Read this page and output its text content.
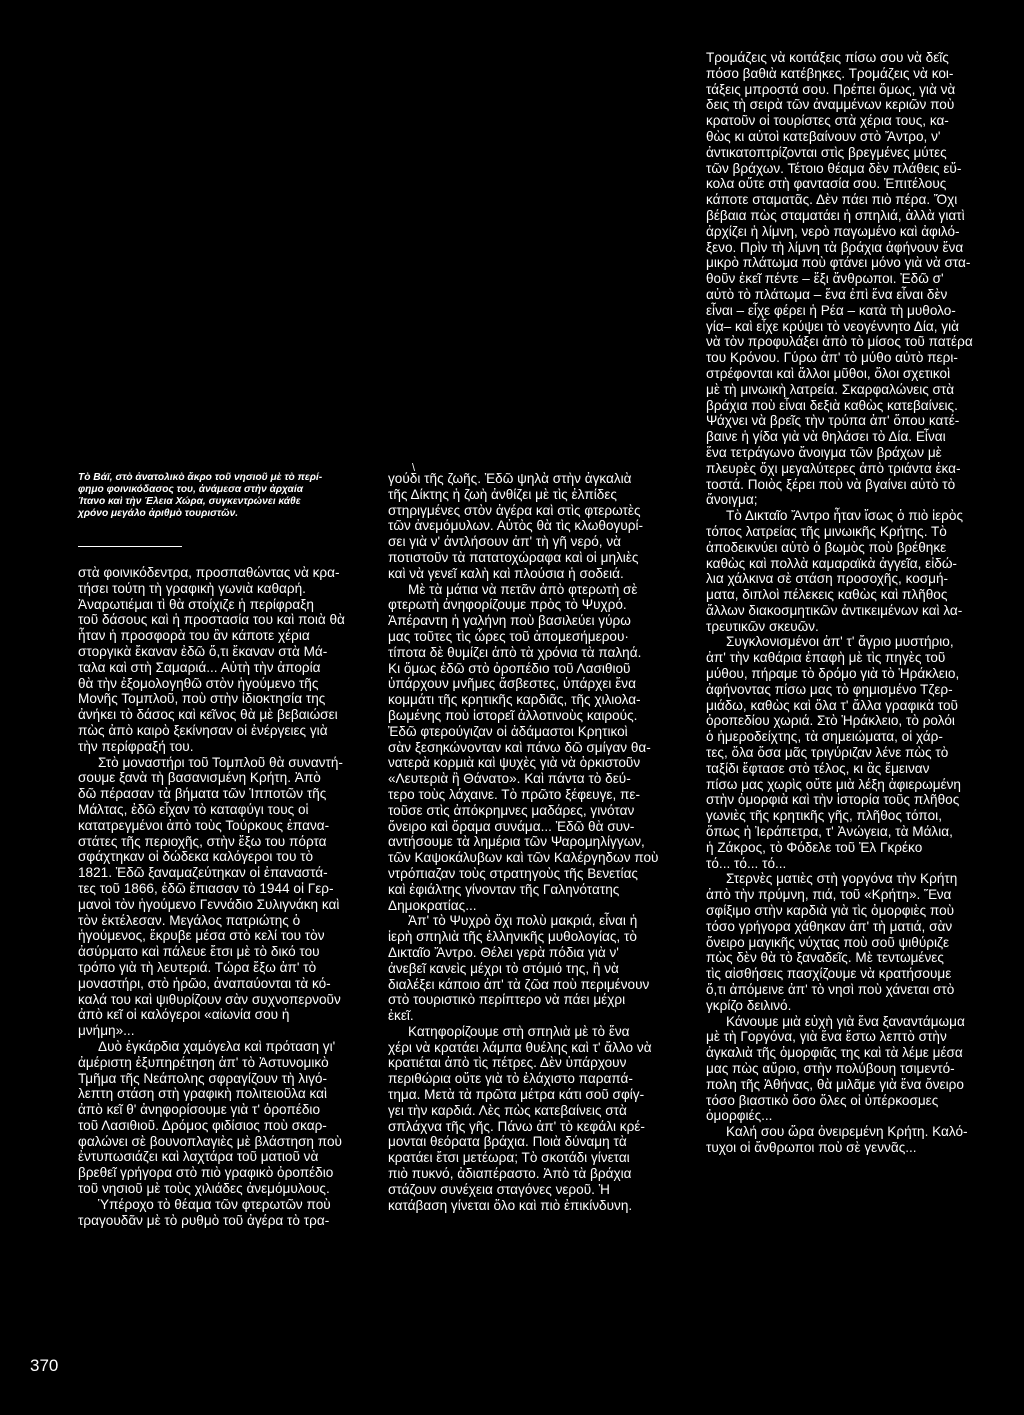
Τὸ Βάϊ, στὸ ἀνατολικὸ ἄκρο τοῦ νησιοῦ μὲ τὸ περί-
φημο φοινικόδασος του, ἀνάμεσα στὴν ἀρχαία
Ίτανο καὶ τὴν Έλεια Χώρα, συγκεντρώνει κάθε
χρόνο μεγάλο ἀριθμὸ τουριστῶν.

στὰ φοινικόδεντρα, προσπαθώντας νὰ κρα-
τήσει τούτη τὴ γραφικὴ γωνιὰ καθαρή.
Ἀναρωτιέμαι τὶ θὰ στοίχιζε ἡ περίφραξη
τοῦ δάσους καὶ ἡ προστασία του καὶ ποιὰ θὰ
ἦταν ἡ προσφορὰ του ἂν κάποτε χέρια
στοργικὰ ἔκαναν ἐδῶ ὅ,τι ἔκαναν στὰ Μά-
ταλα καὶ στὴ Σαμαριά... Αὐτὴ τὴν ἀπορία
θὰ τὴν ἐξομολογηθῶ στὸν ἡγούμενο τῆς
Μονῆς Τομπλοῦ, ποὺ στὴν ἰδιοκτησία της
ἀνήκει τὸ δάσος καὶ κεῖνος θὰ μὲ βεβαιώσει
πὼς ἀπὸ καιρὸ ξεκίνησαν οἱ ἐνέργειες γιὰ
τὴν περίφραξή του.

Στὸ μοναστήρι τοῦ Τομπλοῦ θὰ συναντή-
σουμε ξανὰ τὴ βασανισμένη Κρήτη. Ἀπὸ
δῶ πέρασαν τὰ βήματα τῶν Ἱπποτῶν τῆς
Μάλτας, ἐδῶ εἶχαν τὸ καταφύγι τους οἱ
κατατρεγμένοι ἀπὸ τοὺς Τούρκους ἐπανα-
στάτες τῆς περιοχῆς, στὴν ἔξω του πόρτα
σφάχτηκαν οἱ δώδεκα καλόγεροι του τὸ
1821. Ἐδῶ ξαναμαζεύτηκαν οἱ ἐπαναστά-
τες τοῦ 1866, ἐδῶ ἔπιασαν τὸ 1944 οἱ Γερ-
μανοὶ τὸν ἡγούμενο Γεννάδιο Συλιγνάκη καὶ
τὸν ἐκτέλεσαν. Μεγάλος πατριώτης ὁ
ἡγούμενος, ἔκρυβε μέσα στὸ κελί του τὸν
ἀσύρματο καὶ πάλευε ἔτσι μὲ τὸ δικό του
τρόπο γιὰ τὴ λευτεριά. Τώρα ἔξω ἀπ' τὸ
μοναστήρι, στὸ ἡρῶο, ἀναπαύονται τὰ κό-
καλά του καὶ ψιθυρίζουν σὰν συχνοπερνοῦν
ἀπὸ κεῖ οἱ καλόγεροι «αἰωνία σου ἡ
μνήμη»...

Δυὸ ἐγκάρδια χαμόγελα καὶ πρόταση γι'
ἀμέριστη ἐξυπηρέτηση ἀπ' τὸ Ἀστυνομικὸ
Τμῆμα τῆς Νεάπολης σφραγίζουν τὴ λιγό-
λεπτη στάση στὴ γραφικὴ πολιτειοῦλα καὶ
ἀπὸ κεῖ θ' ἀνηφορίσουμε γιὰ τ' ὀροπέδιο
τοῦ Λασιθιοῦ. Δρόμος φιδίσιος ποὺ σκαρ-
φαλώνει σὲ βουνοπλαγιὲς μὲ βλάστηση ποὺ
ἐντυπωσιάζει καὶ λαχτάρα τοῦ ματιοῦ νὰ
βρεθεῖ γρήγορα στὸ πιὸ γραφικὸ ὀροπέδιο
τοῦ νησιοῦ μὲ τοὺς χιλιάδες ἀνεμόμυλους.

Ὑπέροχο τὸ θέαμα τῶν φτερωτῶν ποὺ
τραγουδᾶν μὲ τὸ ρυθμὸ τοῦ ἀγέρα τὸ τρα-

\

γούδι τῆς ζωῆς. Ἐδῶ ψηλὰ στὴν ἀγκαλιὰ
τῆς Δίκτης ἡ ζωὴ ἀνθίζει μὲ τὶς ἐλπίδες
στηριγμένες στὸν ἀγέρα καὶ στὶς φτερωτὲς
τῶν ἀνεμόμυλων. Αὐτὸς θὰ τὶς κλωθογυρί-
σει γιὰ ν' ἀντλήσουν ἀπ' τὴ γῆ νερό, νὰ
ποτιστοῦν τὰ πατατοχώραφα καὶ οἱ μηλιὲς
καὶ νὰ γενεῖ καλὴ καὶ πλούσια ἡ σοδειά.

Μὲ τὰ μάτια νὰ πετᾶν ἀπὸ φτερωτὴ σὲ
φτερωτὴ ἀνηφορίζουμε πρὸς τὸ Ψυχρό.
Ἀπέραντη ἡ γαλήνη ποὺ βασιλεύει γύρω
μας τοῦτες τὶς ὧρες τοῦ ἀπομεσήμερου·
τίποτα δὲ θυμίζει ἀπὸ τὰ χρόνια τὰ παληά.
Κι ὅμως ἐδῶ στὸ ὀροπέδιο τοῦ Λασιθιοῦ
ὑπάρχουν μνῆμες ἄσβεστες, ὑπάρχει ἕνα
κομμάτι τῆς κρητικῆς καρδιᾶς, τῆς χιλιολα-
βωμένης ποὺ ἱστορεῖ ἀλλοτινοὺς καιρούς.
Ἐδῶ φτερούγιζαν οἱ ἀδάμαστοι Κρητικοὶ
σὰν ξεσηκώνονταν καὶ πάνω δῶ σμίγαν θα-
νατερὰ κορμιὰ καὶ ψυχὲς γιὰ νὰ ὁρκιστοῦν
«Λευτεριὰ ἢ Θάνατο». Καὶ πάντα τὸ δεύ-
τερο τοὺς λάχαινε. Τὸ πρῶτο ξέφευγε, πε-
τοῦσε στὶς ἀπόκρημνες μαδάρες, γινόταν
ὄνειρο καὶ ὅραμα συνάμα... Ἐδῶ θὰ συν-
αντήσουμε τὰ λημέρια τῶν Ψαρομηλίγγων,
τῶν Καψοκάλυβων καὶ τῶν Καλέργηδων ποὺ
ντρόπιαζαν τοὺς στρατηγοὺς τῆς Βενετίας
καὶ ἐφιάλτης γίνονταν τῆς Γαληνότατης
Δημοκρατίας...

Ἀπ' τὸ Ψυχρὸ ὄχι πολὺ μακριά, εἶναι ἡ
ἱερὴ σπηλιὰ τῆς ἑλληνικῆς μυθολογίας, τὸ
Δικταῖο Ἄντρο. Θέλει γερὰ πόδια γιὰ ν'
ἀνεβεῖ κανεὶς μέχρι τὸ στόμιό της, ἢ νὰ
διαλέξει κάποιο ἀπ' τὰ ζῶα ποὺ περιμένουν
στὸ τουριστικὸ περίπτερο νὰ πάει μέχρι
ἐκεῖ.

Κατηφορίζουμε στὴ σπηλιὰ μὲ τὸ ἕνα
χέρι νὰ κρατάει λάμπα θυέλης καὶ τ' ἄλλο νὰ
κρατιέται ἀπὸ τὶς πέτρες. Δὲν ὑπάρχουν
περιθώρια οὔτε γιὰ τὸ ἐλάχιστο παραπά-
τημα. Μετὰ τὰ πρῶτα μέτρα κάτι σοῦ σφίγ-
γει τὴν καρδιά. Λὲς πὼς κατεβαίνεις στὰ
σπλάχνα τῆς γῆς. Πάνω ἀπ' τὸ κεφάλι κρέ-
μονται θεόρατα βράχια. Ποιὰ δύναμη τὰ
κρατάει ἔτσι μετέωρα; Τὸ σκοτάδι γίνεται
πιὸ πυκνό, ἀδιαπέραστο. Ἀπὸ τὰ βράχια
στάζουν συνέχεια σταγόνες νεροῦ. Ἡ
κατάβαση γίνεται ὅλο καὶ πιὸ ἐπικίνδυνη.

Τρομάζεις νὰ κοιτάξεις πίσω σου νὰ δεῖς
πόσο βαθιὰ κατέβηκες. Τρομάζεις νὰ κοι-
τάξεις μπροστά σου. Πρέπει ὅμως, γιὰ νὰ
δεις τὴ σειρὰ τῶν ἀναμμένων κεριῶν ποὺ
κρατοῦν οἱ τουρίστες στὰ χέρια τους, κα-
θὼς κι αὐτοὶ κατεβαίνουν στὸ Ἄντρο, ν'
ἀντικατοπτρίζονται στὶς βρεγμένες μύτες
τῶν βράχων. Τέτοιο θέαμα δὲν πλάθεις εὔ-
κολα οὔτε στὴ φαντασία σου. Ἐπιτέλους
κάποτε σταματᾶς. Δὲν πάει πιὸ πέρα. Ὄχι
βέβαια πὼς σταματάει ἡ σπηλιά, ἀλλὰ γιατὶ
ἀρχίζει ἡ λίμνη, νερὸ παγωμένο καὶ ἀφιλό-
ξενο. Πρὶν τὴ λίμνη τὰ βράχια ἀφήνουν ἕνα
μικρὸ πλάτωμα ποὺ φτάνει μόνο γιὰ νὰ στα-
θοῦν ἐκεῖ πέντε – ἕξι ἄνθρωποι. Ἐδῶ σ'
αὐτὸ τὸ πλάτωμα – ἕνα ἐπὶ ἕνα εἶναι δὲν
εἶναι – εἶχε φέρει ἡ Ρέα – κατὰ τὴ μυθολο-
γία– καὶ εἶχε κρύψει τὸ νεογέννητο Δία, γιὰ
νὰ τὸν προφυλάξει ἀπὸ τὸ μίσος τοῦ πατέρα
του Κρόνου. Γύρω ἀπ' τὸ μύθο αὐτὸ περι-
στρέφονται καὶ ἄλλοι μῦθοι, ὅλοι σχετικοὶ
μὲ τὴ μινωικὴ λατρεία. Σκαρφαλώνεις στὰ
βράχια ποὺ εἶναι δεξιὰ καθὼς κατεβαίνεις.
Ψάχνει νὰ βρεῖς τὴν τρύπα ἀπ' ὅπου κατέ-
βαινε ἡ γίδα γιὰ νὰ θηλάσει τὸ Δία. Εἶναι
ἕνα τετράγωνο ἄνοιγμα τῶν βράχων μὲ
πλευρὲς ὄχι μεγαλύτερες ἀπὸ τριάντα ἑκα-
τοστά. Ποιὸς ξέρει ποὺ νὰ βγαίνει αὐτὸ τὸ
ἄνοιγμα;

Τὸ Δικταῖο Ἄντρο ἦταν ἴσως ὁ πιὸ ἱερὸς
τόπος λατρείας τῆς μινωικῆς Κρήτης. Τὸ
ἀποδεικνύει αὐτὸ ὁ βωμὸς ποὺ βρέθηκε
καθὼς καὶ πολλὰ καμαραϊκὰ ἀγγεῖα, εἰδώ-
λια χάλκινα σὲ στάση προσοχῆς, κοσμή-
ματα, διπλοὶ πέλεκεις καθὼς καὶ πλῆθος
ἄλλων διακοσμητικῶν ἀντικειμένων καὶ λα-
τρευτικῶν σκευῶν.

Συγκλονισμένοι ἀπ' τ' ἄγριο μυστήριο,
ἀπ' τὴν καθάρια ἐπαφὴ μὲ τὶς πηγὲς τοῦ
μύθου, πήραμε τὸ δρόμο γιὰ τὸ Ἡράκλειο,
ἀφήνοντας πίσω μας τὸ φημισμένο Τζερ-
μιάδω, καθὼς καὶ ὅλα τ' ἄλλα γραφικὰ τοῦ
ὀροπεδίου χωριά. Στὸ Ἡράκλειο, τὸ ρολόι
ὁ ἡμεροδείχτης, τὰ σημειώματα, οἱ χάρ-
τες, ὅλα ὅσα μᾶς τριγύριζαν λένε πὼς τὸ
ταξίδι ἔφτασε στὸ τέλος, κι ἂς ἔμειναν
πίσω μας χωρὶς οὔτε μιὰ λέξη ἀφιερωμένη
στὴν ὀμορφιὰ καὶ τὴν ἱστορία τοῦς πλῆθος
γωνιὲς τῆς κρητικῆς γῆς, πλῆθος τόποι,
ὅπως ἡ Ἰεράπετρα, τ' Ἀνώγεια, τὰ Μάλια,
ἡ Ζάκρος, τὸ Φόδελε τοῦ Ἐλ Γκρέκο
τό... τό... τό...

Στερνὲς ματιὲς στὴ γοργόνα τὴν Κρήτη
ἀπὸ τὴν πρύμνη, πιά, τοῦ «Κρήτη». Ἕνα
σφίξιμο στὴν καρδιὰ γιὰ τὶς ὀμορφιὲς ποὺ
τόσο γρήγορα χάθηκαν ἀπ' τὴ ματιά, σὰν
ὄνειρο μαγικῆς νύχτας ποὺ σοῦ ψιθύριζε
πὼς δὲν θὰ τὸ ξαναδεῖς. Μὲ τεντωμένες
τὶς αἰσθήσεις πασχίζουμε νὰ κρατήσουμε
ὅ,τι ἀπόμεινε ἀπ' τὸ νησὶ ποὺ χάνεται στὸ
γκρίζο δειλινό.

Κάνουμε μιὰ εὐχὴ γιὰ ἕνα ξαναντάμωμα
μὲ τὴ Γοργόνα, γιὰ ἕνα ἔστω λεπτὸ στὴν
ἀγκαλιὰ τῆς ὀμορφιᾶς της καὶ τὰ λέμε μέσα
μας πὼς αὔριο, στὴν πολύβουη τσιμεντό-
πολη τῆς Ἀθήνας, θὰ μιλᾶμε γιὰ ἕνα ὄνειρο
τόσο βιαστικὸ ὅσο ὅλες οἱ ὑπέρκοσμες
ὀμορφιές...

Καλή σου ὥρα ὀνειρεμένη Κρήτη. Καλό-
τυχοι οἱ ἄνθρωποι ποὺ σὲ γεννᾶς...

370
